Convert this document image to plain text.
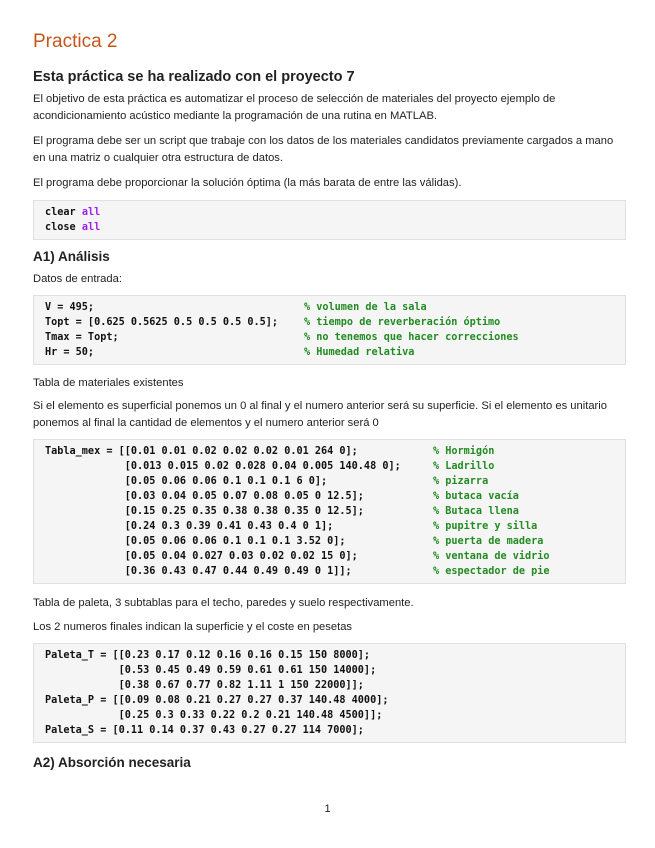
Practica 2
Esta práctica se ha realizado con el proyecto 7
El objetivo de esta práctica es automatizar el proceso de selección de materiales del proyecto ejemplo de acondicionamiento acústico mediante la programación de una rutina en MATLAB.
El programa debe ser un script que trabaje con los datos de los materiales candidatos previamente cargados a mano en una matriz o cualquier otra estructura de datos.
El programa debe proporcionar la solución óptima (la más barata de entre las válidas).
clear all
close all
A1) Análisis
Datos de entrada:
V = 495;	% volumen de la sala
Topt = [0.625 0.5625 0.5 0.5 0.5 0.5];	% tiempo de reverberación óptimo
Tmax = Topt;	% no tenemos que hacer correcciones
Hr = 50;	% Humedad relativa
Tabla de materiales existentes
Si el elemento es superficial ponemos un 0 al final y el numero anterior será su superficie. Si el elemento es unitario ponemos al final la cantidad de elementos y el numero anterior será 0
Tabla_mex = [[0.01 0.01 0.02 0.02 0.02 0.01 264 0];	% Hormigón
[0.013 0.015 0.02 0.028 0.04 0.005 140.48 0];	% Ladrillo
[0.05 0.06 0.06 0.1 0.1 0.1 6 0];	% pizarra
[0.03 0.04 0.05 0.07 0.08 0.05 0 12.5];	% butaca vacía
[0.15 0.25 0.35 0.38 0.38 0.35 0 12.5];	% Butaca llena
[0.24 0.3 0.39 0.41 0.43 0.4 0 1];	% pupitre y silla
[0.05 0.06 0.06 0.1 0.1 0.1 3.52 0];	% puerta de madera
[0.05 0.04 0.027 0.03 0.02 0.02 15 0];	% ventana de vidrio
[0.36 0.43 0.47 0.44 0.49 0.49 0 1]];	% espectador de pie
Tabla de paleta, 3 subtablas para el techo, paredes y suelo respectivamente.
Los 2 numeros finales indican la superficie y el coste en pesetas
Paleta_T = [[0.23 0.17 0.12 0.16 0.16 0.15 150 8000];
[0.53 0.45 0.49 0.59 0.61 0.61 150 14000];
[0.38 0.67 0.77 0.82 1.11 1 150 22000]];
Paleta_P = [[0.09 0.08 0.21 0.27 0.27 0.37 140.48 4000];
[0.25 0.3 0.33 0.22 0.2 0.21 140.48 4500]];
Paleta_S = [0.11 0.14 0.37 0.43 0.27 0.27 114 7000];
A2) Absorción necesaria
1
